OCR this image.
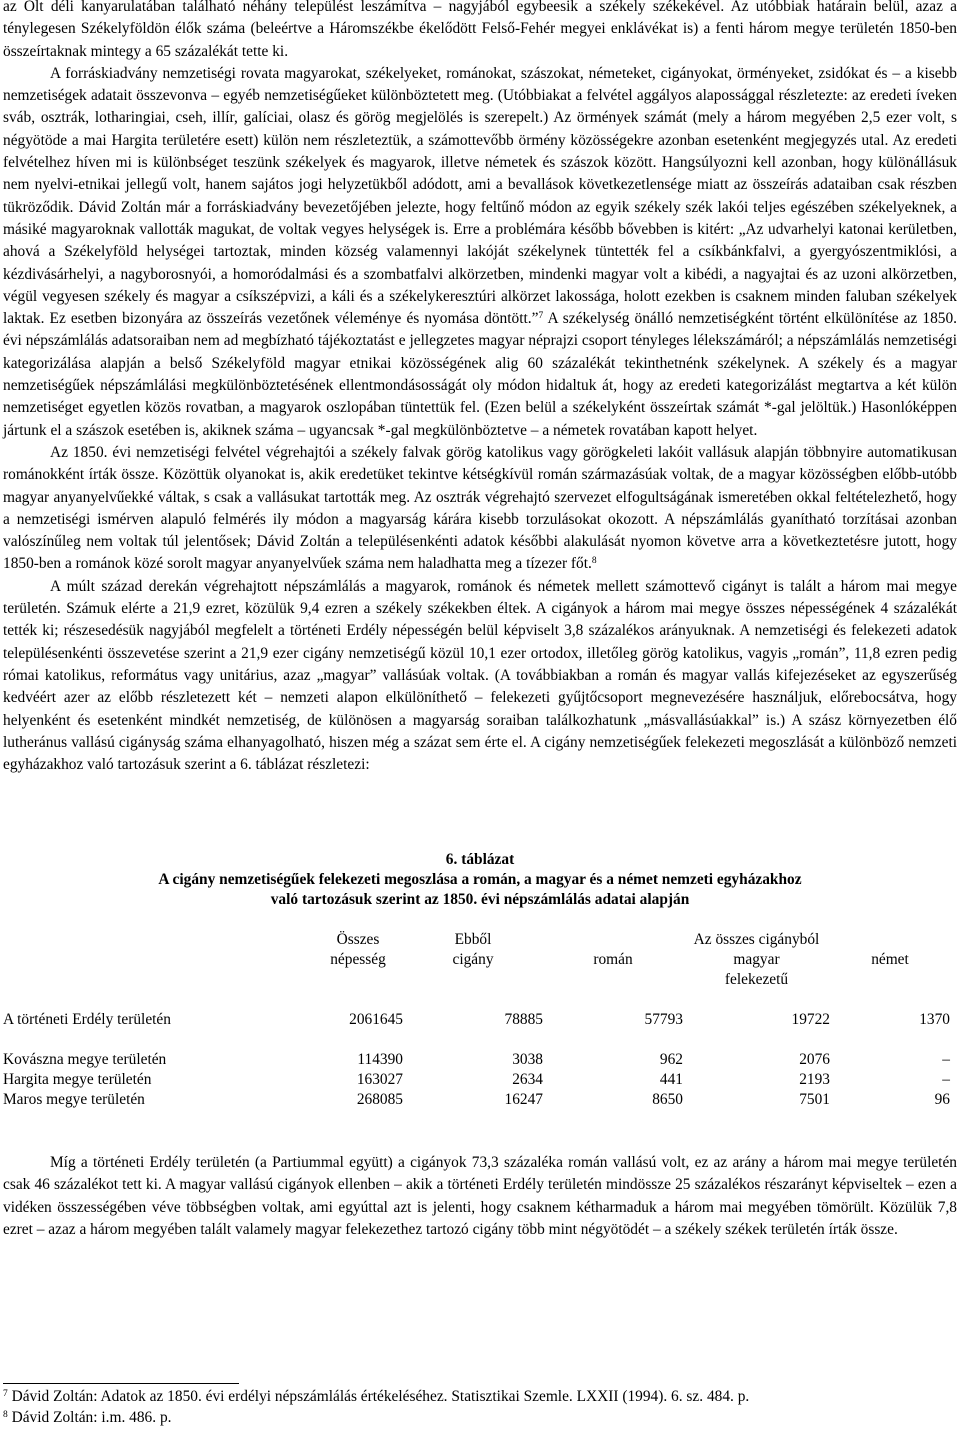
az Olt déli kanyarulatában található néhány települést leszámítva – nagyjából egybeesik a székely székekével. Az utóbbiak határain belül, azaz a ténylegesen Székelyföldön élők száma (beleértve a Háromszékbe ékelődött Felső-Fehér megyei enklávékat is) a fenti három megye területén 1850-ben összeírtaknak mintegy a 65 százalékát tette ki.

A forráskiadvány nemzetiségi rovata magyarokat, székelyeket, románokat, szászokat, németeket, cigányokat, örményeket, zsidókat és – a kisebb nemzetiségek adatait összevonva – egyéb nemzetiségűeket különböztetett meg. (Utóbbiakat a felvétel aggályos alapossággal részletezte: az eredeti íveken sváb, osztrák, lotharingiai, cseh, illír, galíciai, olasz és görög megjelölés is szerepelt.) Az örmények számát (mely a három megyében 2,5 ezer volt, s négyötöde a mai Hargita területére esett) külön nem részleteztük, a számottevőbb örmény közösségekre azonban esetenként megjegyzés utal. Az eredeti felvételhez híven mi is különbséget teszünk székelyek és magyarok, illetve németek és szászok között. Hangsúlyozni kell azonban, hogy különállásuk nem nyelvi-etnikai jellegű volt, hanem sajátos jogi helyzetükből adódott, ami a bevallások következetlensége miatt az összeírás adataiban csak részben tükröződik. Dávid Zoltán már a forráskiadvány bevezetőjében jelezte, hogy feltűnő módon az egyik székely szék lakói teljes egészében székelyeknek, a másiké magyaroknak vallották magukat, de voltak vegyes helységek is. Erre a problémára később bővebben is kitért: „Az udvarhelyi katonai kerületben, ahová a Székelyföld helységei tartoztak, minden község valamennyi lakóját székelynek tüntették fel a csíkbánkfalvi, a gyergyószentmiklósi, a kézdivásárhelyi, a nagyborosnyói, a homoródalmási és a szombatfalvi alkörzetben, mindenki magyar volt a kibédi, a nagyajtai és az uzoni alkörzetben, végül vegyesen székely és magyar a csíkszépvizi, a káli és a székelykeresztúri alkörzet lakossága, holott ezekben is csaknem minden faluban székelyek laktak. Ez esetben bizonyára az összeírás vezetőnek véleménye és nyomása döntött.”$^7$ A székelység önálló nemzetiségként történt elkülönítése az 1850. évi népszámlálás adatsoraiban nem ad megbízható tájékoztatást e jellegzetes magyar néprajzi csoport tényleges lélekszámáról; a népszámlálás nemzetiségi kategorizálása alapján a belső Székelyföld magyar etnikai közösségének alig 60 százalékát tekinthetnénk székelynek. A székely és a magyar nemzetiségűek népszámlálási megkülönböztetésének ellentmondásosságát oly módon hidaltuk át, hogy az eredeti kategorizálást megtartva a két külön nemzetiséget egyetlen közös rovatban, a magyarok oszlopában tüntettük fel. (Ezen belül a székelyként összeírtak számát *-gal jelöltük.) Hasonlóképpen jártunk el a szászok esetében is, akiknek száma – ugyancsak *-gal megkülönböztetve – a németek rovatában kapott helyet.

Az 1850. évi nemzetiségi felvétel végrehajtói a székely falvak görög katolikus vagy görögkeleti lakóit vallásuk alapján többnyire automatikusan románokként írták össze. Közöttük olyanokat is, akik eredetüket tekintve kétségkívül román származásúak voltak, de a magyar közösségben előbb-utóbb magyar anyanyelvűekké váltak, s csak a vallásukat tartották meg. Az osztrák végrehajtó szervezet elfogultságának ismeretében okkal feltételezhető, hogy a nemzetiségi ismérven alapuló felmérés ily módon a magyarság kárára kisebb torzulásokat okozott. A népszámlálás gyanítható torzításai azonban valószínűleg nem voltak túl jelentősek; Dávid Zoltán a településenkénti adatok későbbi alakulását nyomon követve arra a következtetésre jutott, hogy 1850-ben a románok közé sorolt magyar anyanyelvűek száma nem haladhatta meg a tízezer főt.$^8$

A múlt század derekán végrehajtott népszámlálás a magyarok, románok és németek mellett számottevő cigányt is talált a három mai megye területén. Számuk elérte a 21,9 ezret, közülük 9,4 ezren a székely székekben éltek. A cigányok a három mai megye összes népességének 4 százalékát tették ki; részesedésük nagyjából megfelelt a történeti Erdély népességén belül képviselt 3,8 százalékos arányuknak. A nemzetiségi és felekezeti adatok településenkénti összevetése szerint a 21,9 ezer cigány nemzetiségű közül 10,1 ezer ortodox, illetőleg görög katolikus, vagyis „román”, 11,8 ezren pedig római katolikus, református vagy unitárius, azaz „magyar” vallásúak voltak. (A továbbiakban a román és magyar vallás kifejezéseket az egyszerűség kedvéért azer az előbb részletezett két – nemzeti alapon elkülöníthető – felekezeti gyűjtőcsoport megnevezésére használjuk, előrebocsátva, hogy helyenként és esetenként mindkét nemzetiség, de különösen a magyarság soraiban találkozhatunk „másvallásúakkal” is.) A szász környezetben élő lutheránus vallású cigányság száma elhanyagolható, hiszen még a százat sem érte el. A cigány nemzetiségűek felekezeti megoszlását a különböző nemzeti egyházakhoz való tartozásuk szerint a 6. táblázat részletezi:

6. táblázat

A cigány nemzetiségűek felekezeti megoszlása a román, a magyar és a német nemzeti egyházakhoz

való tartozásuk szerint az 1850. évi népszámlálás adatai alapján

	Összes	Ebből		Az összes cigányból	
	népesség	cigány	román	magyar	német
				felekezetű	

A történeti Erdély területén	2061645	78885	57793	19722	1370

Kovászna megye területén	114390	3038	962	2076	–
Hargita megye területén	163027	2634	441	2193	–
Maros megye területén	268085	16247	8650	7501	96

Míg a történeti Erdély területén (a Partiummal együtt) a cigányok 73,3 százaléka román vallású volt, ez az arány a három mai megye területén csak 46 százalékot tett ki. A magyar vallású cigányok ellenben – akik a történeti Erdély területén mindössze 25 százalékos részarányt képviseltek – ezen a vidéken összességében véve többségben voltak, ami egyúttal azt is jelenti, hogy csaknem kétharmaduk a három mai megyében tömörült. Közülük 7,8 ezret – azaz a három megyében talált valamely magyar felekezethez tartozó cigány több mint négyötödét – a székely székek területén írták össze.

$^7$ Dávid Zoltán: Adatok az 1850. évi erdélyi népszámlálás értékeléséhez. Statisztikai Szemle. LXXII (1994). 6. sz. 484. p.

$^8$ Dávid Zoltán: i.m. 486. p.
